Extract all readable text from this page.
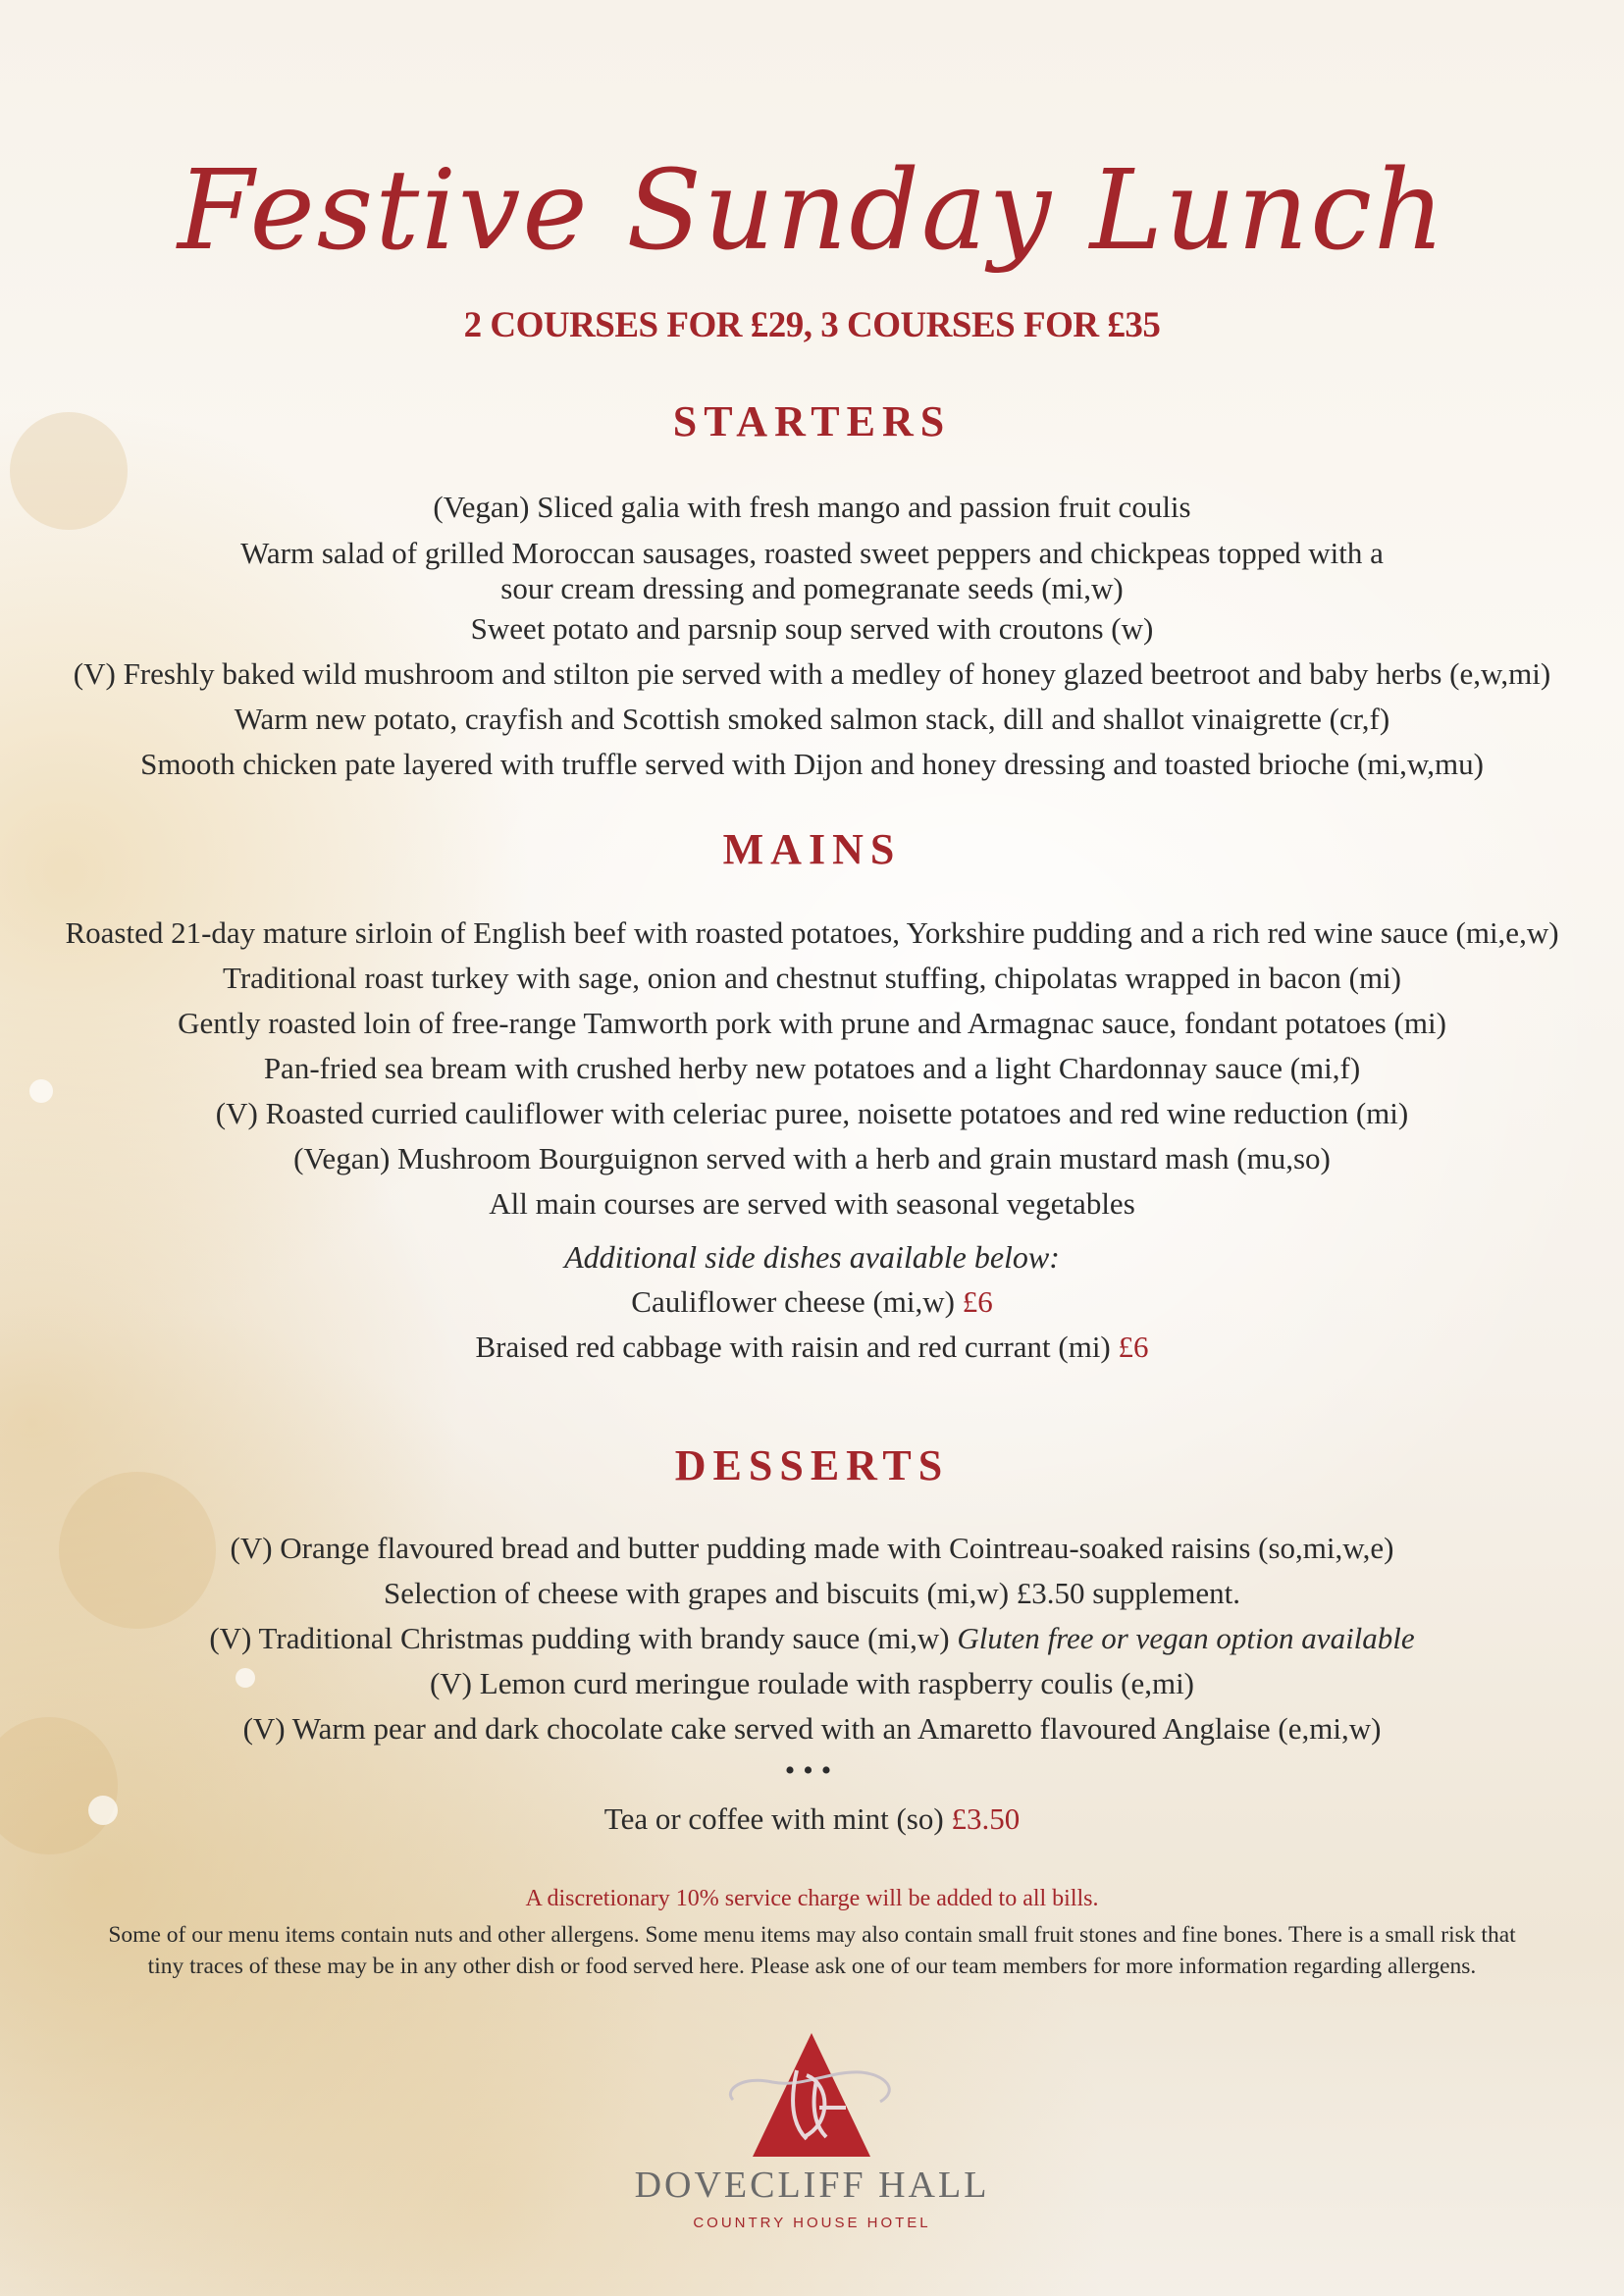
Festive Sunday Lunch
2 COURSES FOR £29, 3 COURSES FOR £35
STARTERS
(Vegan) Sliced galia with fresh mango and passion fruit coulis
Warm salad of grilled Moroccan sausages, roasted sweet peppers and chickpeas topped with a
sour cream dressing and pomegranate seeds (mi,w)
Sweet potato and parsnip soup served with croutons (w)
(V) Freshly baked wild mushroom and stilton pie served with a medley of honey glazed beetroot and baby herbs (e,w,mi)
Warm new potato, crayfish and Scottish smoked salmon stack, dill and shallot vinaigrette (cr,f)
Smooth chicken pate layered with truffle served with Dijon and honey dressing and toasted brioche (mi,w,mu)
MAINS
Roasted 21-day mature sirloin of English beef with roasted potatoes, Yorkshire pudding and a rich red wine sauce (mi,e,w)
Traditional roast turkey with sage, onion and chestnut stuffing, chipolatas wrapped in bacon (mi)
Gently roasted loin of free-range Tamworth pork with prune and Armagnac sauce, fondant potatoes (mi)
Pan-fried sea bream with crushed herby new potatoes and a light Chardonnay sauce (mi,f)
(V) Roasted curried cauliflower with celeriac puree, noisette potatoes and red wine reduction (mi)
(Vegan) Mushroom Bourguignon served with a herb and grain mustard mash (mu,so)
All main courses are served with seasonal vegetables
Additional side dishes available below:
Cauliflower cheese (mi,w) £6
Braised red cabbage with raisin and red currant (mi) £6
DESSERTS
(V) Orange flavoured bread and butter pudding made with Cointreau-soaked raisins (so,mi,w,e)
Selection of cheese with grapes and biscuits (mi,w) £3.50 supplement.
(V) Traditional Christmas pudding with brandy sauce (mi,w) Gluten free or vegan option available
(V) Lemon curd meringue roulade with raspberry coulis (e,mi)
(V) Warm pear and dark chocolate cake served with an Amaretto flavoured Anglaise (e,mi,w)
•••
Tea or coffee with mint (so) £3.50
A discretionary 10% service charge will be added to all bills.
Some of our menu items contain nuts and other allergens. Some menu items may also contain small fruit stones and fine bones. There is a small risk that tiny traces of these may be in any other dish or food served here. Please ask one of our team members for more information regarding allergens.
DOVECLIFF HALL
COUNTRY HOUSE HOTEL
